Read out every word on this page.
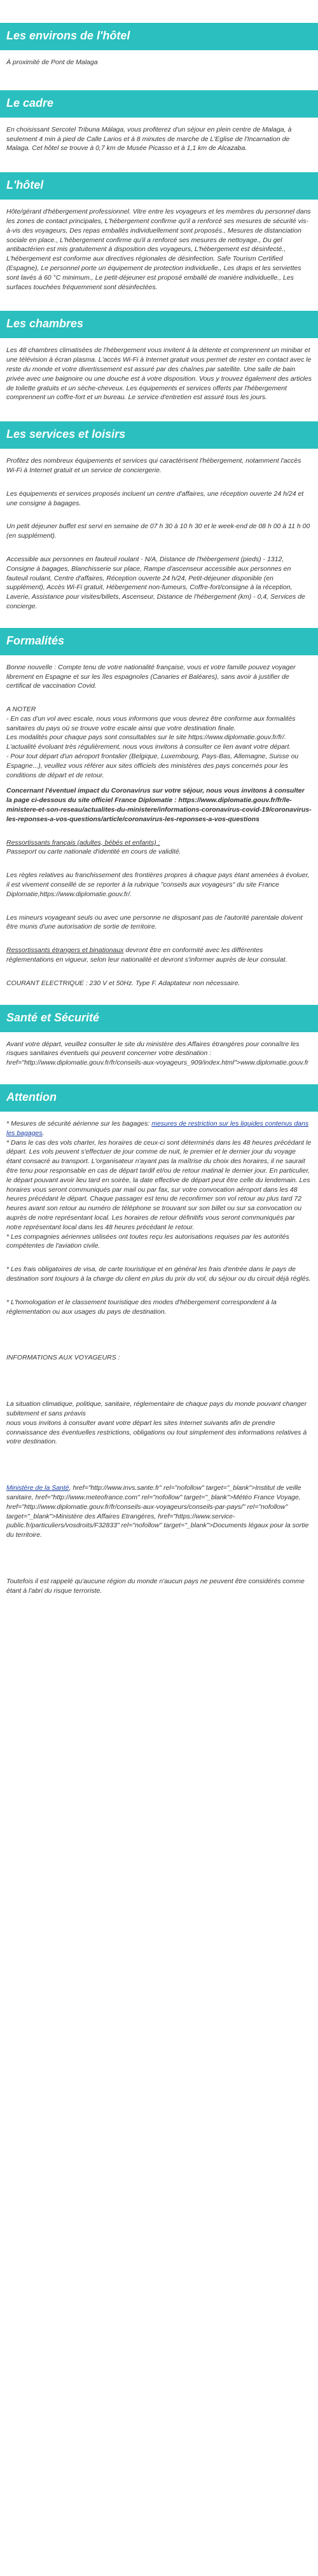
Les environs de l'hôtel

À proximité de Pont de Malaga

Le cadre

En choisissant Sercotel Tribuna Málaga, vous profiterez d'un séjour en plein centre de Malaga, à seulement 4 min à pied de Calle Larios et à 8 minutes de marche de L'Eglise de l'Incarnation de Malaga. Cet hôtel se trouve à 0,7 km de Musée Picasso et à 1,1 km de Alcazaba.

L'hôtel

Hôte/gérant d'hébergement professionnel. Vitre entre les voyageurs et les membres du personnel dans les zones de contact principales, L'hébergement confirme qu'il a renforcé ses mesures de sécurité vis-à-vis des voyageurs, Des repas emballés individuellement sont proposés., Mesures de distanciation sociale en place., L'hébergement confirme qu'il a renforcé ses mesures de nettoyage., Du gel antibactérien est mis gratuitement à disposition des voyageurs, L'hébergement est désinfecté., L'hébergement est conforme aux directives régionales de désinfection. Safe Tourism Certified (Espagne), Le personnel porte un équipement de protection individuelle., Les draps et les serviettes sont lavés à 60 °C minimum., Le petit-déjeuner est proposé emballé de manière individuelle., Les surfaces touchées fréquemment sont désinfectées.

Les chambres

Les 48 chambres climatisées de l'hébergement vous invitent à la détente et comprennent un minibar et une télévision à écran plasma. L'accès Wi-Fi à Internet gratuit vous permet de rester en contact avec le reste du monde et votre divertissement est assuré par des chaînes par satellite. Une salle de bain privée avec une baignoire ou une douche est à votre disposition. Vous y trouvez également des articles de toilette gratuits et un sèche-cheveux. Les équipements et services offerts par l'hébergement comprennent un coffre-fort et un bureau. Le service d'entretien est assuré tous les jours.

Les services et loisirs

Profitez des nombreux équipements et services qui caractérisent l'hébergement, notamment l'accès Wi-Fi à Internet gratuit et un service de conciergerie.

Les équipements et services proposés incluent un centre d'affaires, une réception ouverte 24 h/24 et une consigne à bagages.

Un petit déjeuner buffet est servi en semaine de 07 h 30 à 10 h 30 et le week-end de 08 h 00 à 11 h 00 (en supplément).

Accessible aux personnes en fauteuil roulant - N/A, Distance de l'hébergement (pieds) - 1312, Consigne à bagages, Blanchisserie sur place, Rampe d'ascenseur accessible aux personnes en fauteuil roulant, Centre d'affaires, Réception ouverte 24 h/24, Petit-déjeuner disponible (en supplément), Accès Wi-Fi gratuit, Hébergement non-fumeurs, Coffre-fort/consigne à la réception, Laverie, Assistance pour visites/billets, Ascenseur, Distance de l'hébergement (km) - 0,4, Services de concierge.

Formalités

Bonne nouvelle : Compte tenu de votre nationalité française, vous et votre famille pouvez voyager librement en Espagne et sur les îles espagnoles (Canaries et Baléares), sans avoir à justifier de certificat de vaccination Covid.

A NOTER

- En cas d'un vol avec escale, nous vous informons que vous devrez être conforme aux formalités sanitaires du pays où se trouve votre escale ainsi que votre destination finale.
Les modalités pour chaque pays sont consultables sur le site https://www.diplomatie.gouv.fr/fr/. L'actualité évoluant très régulièrement, nous vous invitons à consulter ce lien avant votre départ.
- Pour tout départ d'un aéroport frontalier (Belgique, Luxembourg, Pays-Bas, Allemagne, Suisse ou Espagne...), veuillez vous référer aux sites officiels des ministères des pays concernés pour les conditions de départ et de retour.

Concernant l'éventuel impact du Coronavirus sur votre séjour, nous vous invitons à consulter la page ci-dessous du site officiel France Diplomatie : https://www.diplomatie.gouv.fr/fr/le-ministere-et-son-reseau/actualites-du-ministere/informations-coronavirus-covid-19/coronavirus-les-reponses-a-vos-questions/article/coronavirus-les-reponses-a-vos-questions

Ressortissants français (adultes, bébés et enfants) :

Passeport ou carte nationale d'identité en cours de validité.

Les règles relatives au franchissement des frontières propres à chaque pays étant amenées à évoluer, il est vivement conseillé de se reporter à la rubrique "conseils aux voyageurs" du site France Diplomatie,https://www.diplomatie.gouv.fr/.

Les mineurs voyageant seuls ou avec une personne ne disposant pas de l'autorité parentale doivent être munis d'une autorisation de sortie de territoire.

Ressortissants étrangers et binationaux devront être en conformité avec les différentes réglementations en vigueur, selon leur nationalité et devront s'informer auprès de leur consulat.

COURANT ELECTRIQUE : 230 V et 50Hz. Type F. Adaptateur non nécessaire.

Santé et Sécurité

Avant votre départ, veuillez consulter le site du ministère des Affaires étrangères pour connaître les risques sanitaires éventuels qui peuvent concerner votre destination : href="http://www.diplomatie.gouv.fr/fr/conseils-aux-voyageurs_909/index.html">www.diplomatie.gouv.fr

Attention

* Mesures de sécurité aérienne sur les bagages: mesures de restriction sur les liquides contenus dans les bagages.
* Dans le cas des vols charter, les horaires de ceux-ci sont déterminés dans les 48 heures précédant le départ. Les vols peuvent s'effectuer de jour comme de nuit, le premier et le dernier jour du voyage étant consacré au transport. L'organisateur n'ayant pas la maîtrise du choix des horaires, il ne saurait être tenu pour responsable en cas de départ tardif et/ou de retour matinal le dernier jour. En particulier, le départ pouvant avoir lieu tard en soirée, la date effective de départ peut être celle du lendemain. Les horaires vous seront communiqués par mail ou par fax, sur votre convocation aéroport dans les 48 heures précédant le départ. Chaque passager est tenu de reconfirmer son vol retour au plus tard 72 heures avant son retour au numéro de téléphone se trouvant sur son billet ou sur sa convocation ou auprès de notre représentant local. Les horaires de retour définitifs vous seront communiqués par notre représentant local dans les 48 heures précédant le retour.
* Les compagnies aériennes utilisées ont toutes reçu les autorisations requises par les autorités compétentes de l'aviation civile.

* Les frais obligatoires de visa, de carte touristique et en général les frais d'entrée dans le pays de destination sont toujours à la charge du client en plus du prix du vol, du séjour ou du circuit déjà réglés.

* L'homologation et le classement touristique des modes d'hébergement correspondent à la réglementation ou aux usages du pays de destination.

INFORMATIONS AUX VOYAGEURS :

La situation climatique, politique, sanitaire, réglementaire de chaque pays du monde pouvant changer subitement et sans préavis
nous vous invitons à consulter avant votre départ les sites Internet suivants afin de prendre connaissance des éventuelles restrictions, obligations ou tout simplement des informations relatives à votre destination.

Ministère de la Santé, href="http://www.invs.sante.fr" rel="nofollow" target="_blank">Institut de veille sanitaire, href="http://www.meteofrance.com" rel="nofollow" target="_blank">Météo France Voyage, href="http://www.diplomatie.gouv.fr/fr/conseils-aux-voyageurs/conseils-par-pays/" rel="nofollow" target="_blank">Ministère des Affaires Etrangères, href="https://www.service-public.fr/particuliers/vosdroits/F32833" rel="nofollow" target="_blank">Documents légaux pour la sortie du territoire.

Toutefois il est rappelé qu'aucune région du monde n'aucun pays ne peuvent être considérés comme étant à l'abri du risque terroriste.
